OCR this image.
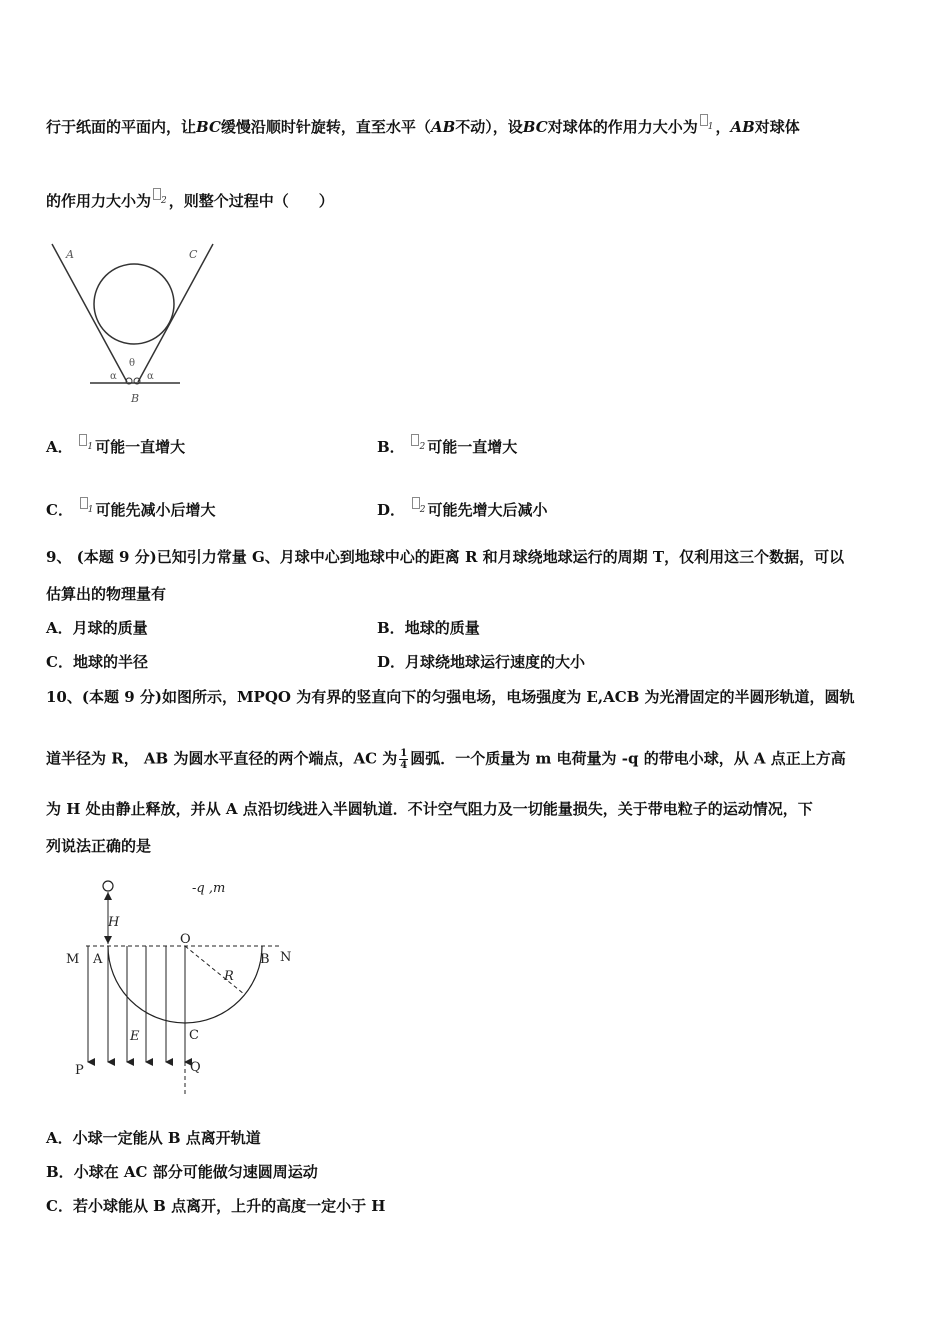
行于纸面的平面内，让BC缓慢沿顺时针旋转，直至水平（AB不动），设BC对球体的作用力大小为 $^1$ ，AB对球体
的作用力大小为 $^2$ ，则整个过程中（　　）
A	C
θ
α	α
B
A． $^1$ 可能一直增大	B． $^2$ 可能一直增大
C． $^1$ 可能先减小后增大	D． $^2$ 可能先增大后减小
9、 (本题 9 分)已知引力常量 G、月球中心到地球中心的距离 R 和月球绕地球运行的周期 T，仅利用这三个数据，可以
估算出的物理量有
A．月球的质量	B．地球的质量
C．地球的半径	D．月球绕地球运行速度的大小
10、(本题 9 分)如图所示，MPQO 为有界的竖直向下的匀强电场，电场强度为 E,ACB 为光滑固定的半圆形轨道，圆轨
道半径为 R， AB 为圆水平直径的两个端点，AC 为 $\frac{1}{4}$ 圆弧．一个质量为 m 电荷量为 -q 的带电小球，从 A 点正上方高
为 H 处由静止释放，并从 A 点沿切线进入半圆轨道．不计空气阻力及一切能量损失，关于带电粒子的运动情况，下
列说法正确的是
-q ,m
H
R
O
M A	B N
E	C
P	Q
A．小球一定能从 B 点离开轨道
B．小球在 AC 部分可能做匀速圆周运动
C．若小球能从 B 点离开，上升的高度一定小于 H
